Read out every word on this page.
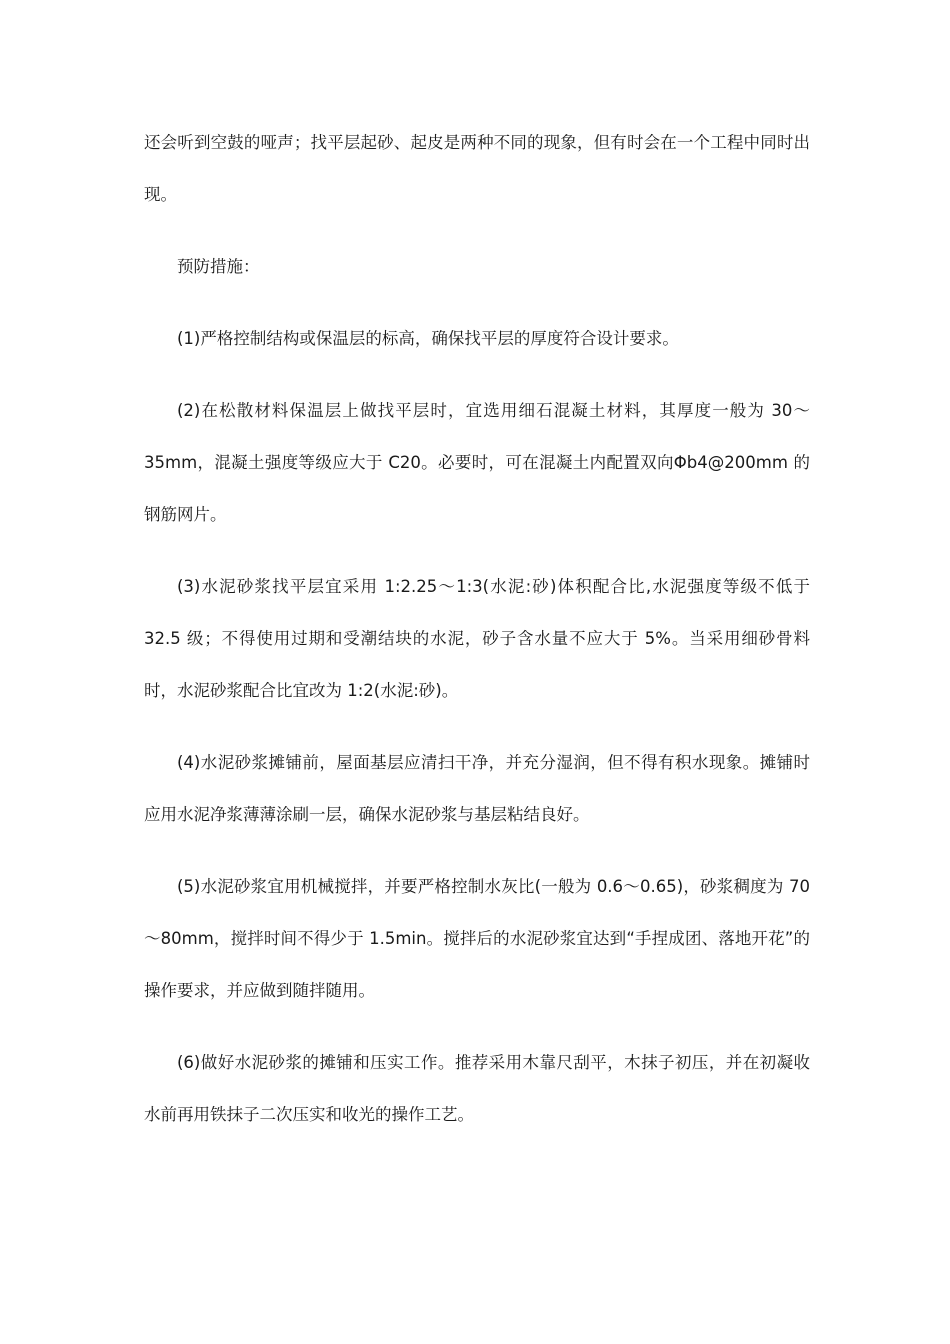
还会听到空鼓的哑声；找平层起砂、起皮是两种不同的现象，但有时会在一个工程中同时出现。

预防措施：

(1)严格控制结构或保温层的标高，确保找平层的厚度符合设计要求。

(2)在松散材料保温层上做找平层时，宜选用细石混凝土材料，其厚度一般为 30～35mm，混凝土强度等级应大于 C20。必要时，可在混凝土内配置双向Φb4@200mm 的钢筋网片。

(3)水泥砂浆找平层宜采用 1:2.25～1:3(水泥:砂)体积配合比,水泥强度等级不低于 32.5 级；不得使用过期和受潮结块的水泥，砂子含水量不应大于 5%。当采用细砂骨料时，水泥砂浆配合比宜改为 1:2(水泥:砂)。

(4)水泥砂浆摊铺前，屋面基层应清扫干净，并充分湿润，但不得有积水现象。摊铺时应用水泥净浆薄薄涂刷一层，确保水泥砂浆与基层粘结良好。

(5)水泥砂浆宜用机械搅拌，并要严格控制水灰比(一般为 0.6～0.65)，砂浆稠度为 70～80mm，搅拌时间不得少于 1.5min。搅拌后的水泥砂浆宜达到“手捏成团、落地开花”的操作要求，并应做到随拌随用。

(6)做好水泥砂浆的摊铺和压实工作。推荐采用木靠尺刮平，木抹子初压，并在初凝收水前再用铁抹子二次压实和收光的操作工艺。
